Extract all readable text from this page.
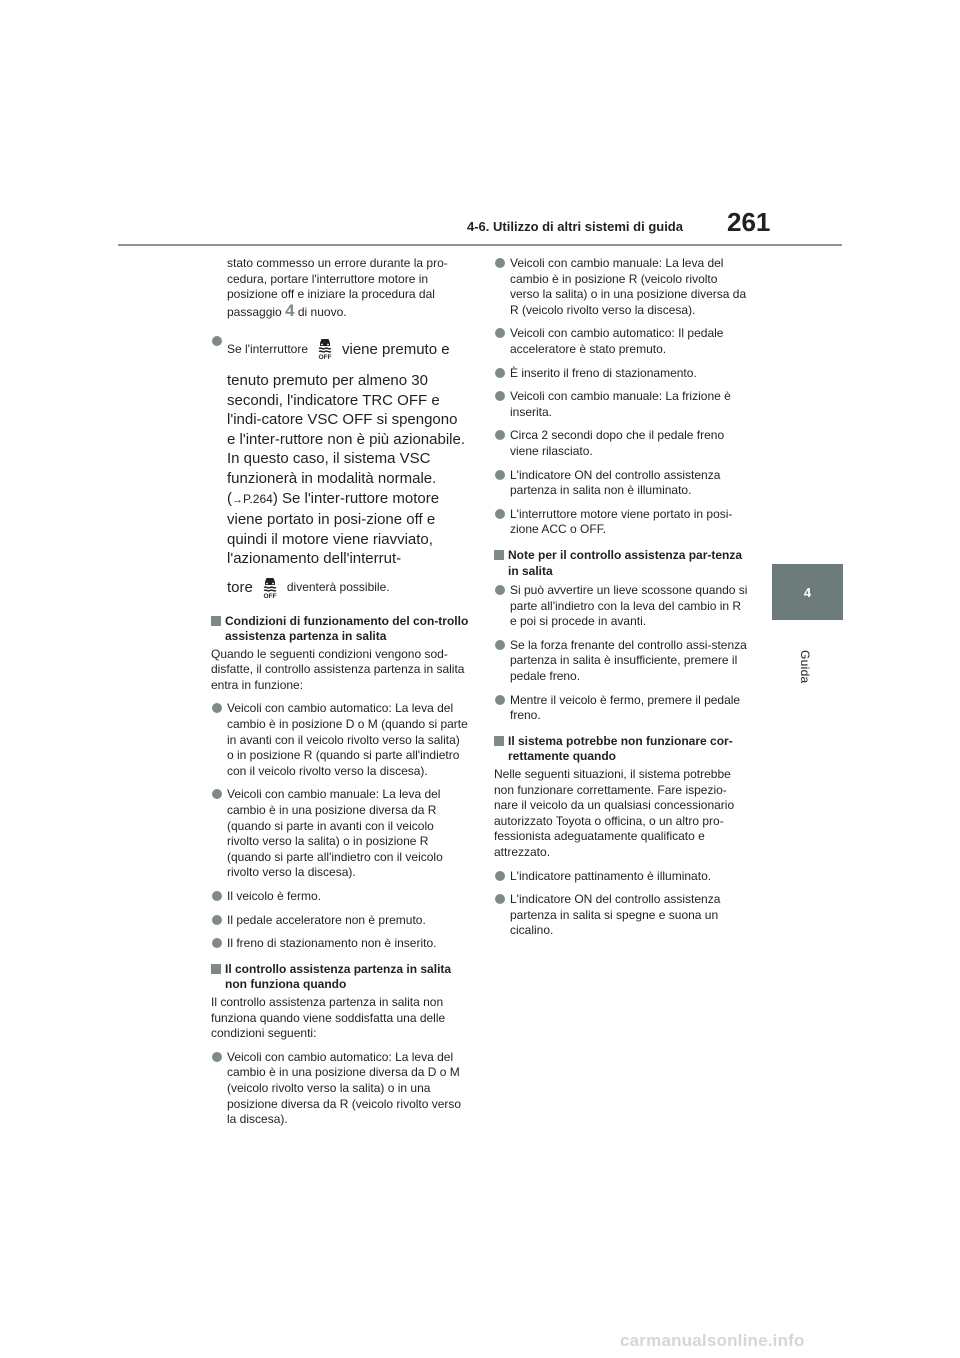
4-6. Utilizzo di altri sistemi di guida 261
4
Guida

stato commesso un errore durante la pro-cedura, portare l'interruttore motore in posizione off e iniziare la procedura dal passaggio 4 di nuovo.

Se l'interruttore
OFF viene premuto e
tenuto premuto per almeno 30 secondi, l'indicatore TRC OFF e l'indi-catore VSC OFF si spengono e l'inter-ruttore non è più azionabile. In questo caso, il sistema VSC funzionerà in modalità normale. (→P.264) Se l'inter-ruttore motore viene portato in posi-zione off e quindi il motore viene riavviato, l'azionamento dell'interrut-
tore OFF
diventerà possibile.
Condizioni di funzionamento del con-trollo assistenza partenza in salita

Quando le seguenti condizioni vengono sod-disfatte, il controllo assistenza partenza in salita entra in funzione:

Veicoli con cambio automatico: La leva del cambio è in posizione D o M (quando si parte in avanti con il veicolo rivolto verso la salita) o in posizione R (quando si parte all'indietro con il veicolo rivolto verso la discesa).
Veicoli con cambio manuale: La leva del cambio è in una posizione diversa da R (quando si parte in avanti con il veicolo rivolto verso la salita) o in posizione R (quando si parte all'indietro con il veicolo rivolto verso la discesa).
Il veicolo è fermo.
Il pedale acceleratore non è premuto.
Il freno di stazionamento non è inserito.
Il controllo assistenza partenza in salita non funziona quando

Il controllo assistenza partenza in salita non funziona quando viene soddisfatta una delle condizioni seguenti:

Veicoli con cambio automatico: La leva del cambio è in una posizione diversa da D o M (veicolo rivolto verso la salita) o in una posizione diversa da R (veicolo rivolto verso la discesa).
Veicoli con cambio manuale: La leva del cambio è in posizione R (veicolo rivolto verso la salita) o in una posizione diversa da R (veicolo rivolto verso la discesa).
Veicoli con cambio automatico: Il pedale acceleratore è stato premuto.
È inserito il freno di stazionamento.
Veicoli con cambio manuale: La frizione è inserita.
Circa 2 secondi dopo che il pedale freno viene rilasciato.
L'indicatore ON del controllo assistenza partenza in salita non è illuminato.
L'interruttore motore viene portato in posi-zione ACC o OFF.
Note per il controllo assistenza par-tenza in salita
Si può avvertire un lieve scossone quando si parte all'indietro con la leva del cambio in R e poi si procede in avanti.
Se la forza frenante del controllo assi-stenza partenza in salita è insufficiente, premere il pedale freno.
Mentre il veicolo è fermo, premere il pedale freno.
Il sistema potrebbe non funzionare cor-rettamente quando

Nelle seguenti situazioni, il sistema potrebbe non funzionare correttamente. Fare ispezio-nare il veicolo da un qualsiasi concessionario autorizzato Toyota o officina, o un altro pro-fessionista adeguatamente qualificato e attrezzato.

L'indicatore pattinamento è illuminato.
L'indicatore ON del controllo assistenza partenza in salita si spegne e suona un cicalino.
carmanualsonline.info
